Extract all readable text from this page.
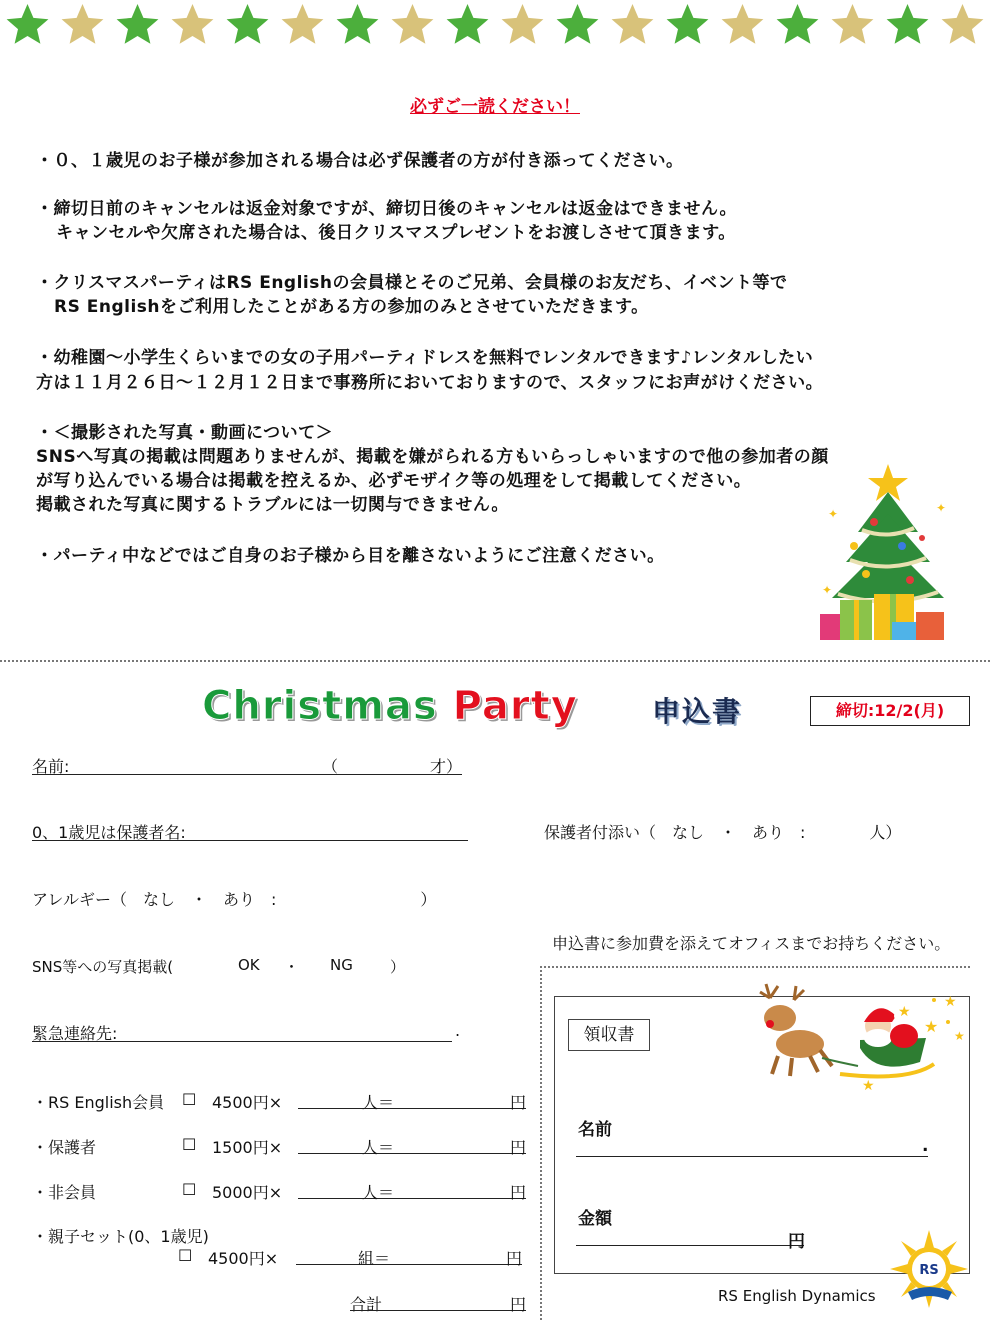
必ずご一読ください！
・０、１歳児のお子様が参加される場合は必ず保護者の方が付き添ってください。
・締切日前のキャンセルは返金対象ですが、締切日後のキャンセルは返金はできません。
キャンセルや欠席された場合は、後日クリスマスプレゼントをお渡しさせて頂きます。
・クリスマスパーティはRS Englishの会員様とそのご兄弟、会員様のお友だち、イベント等で
RS Englishをご利用したことがある方の参加のみとさせていただきます。
・幼稚園～小学生くらいまでの女の子用パーティドレスを無料でレンタルできます♪レンタルしたい
方は１１月２６日～１２月１２日まで事務所においておりますので、スタッフにお声がけください。
・＜撮影された写真・動画について＞
SNSへ写真の掲載は問題ありませんが、掲載を嫌がられる方もいらっしゃいますので他の参加者の顔
が写り込んでいる場合は掲載を控えるか、必ずモザイク等の処理をして掲載してください。
掲載された写真に関するトラブルには一切関与できません。
・パーティ中などではご自身のお子様から目を離さないようにご注意ください。
✦	✦
✦
Christmas Party	申込書	締切:12/2(月)
名前:	（	才）
0、1歳児は保護者名:	保護者付添い（　なし　・　あり　:　　　　人）
アレルギー（　なし　・　あり　:　　　　　　　　　）
申込書に参加費を添えてオフィスまでお持ちください。
SNS等への写真掲載(	OK ・ NG ）
緊急連絡先:	.
・RS English会員 ☐ 4500円×	人＝	円
・保護者	☐ 1500円×	人＝	円
・非会員	☐ 5000円×	人＝	円
・親子セット(0、1歳児)
☐ 4500円×	組＝	円
合計	円
領収書
★
★
★
★
★
名前
.
金額
円
RS English Dynamics
RS
